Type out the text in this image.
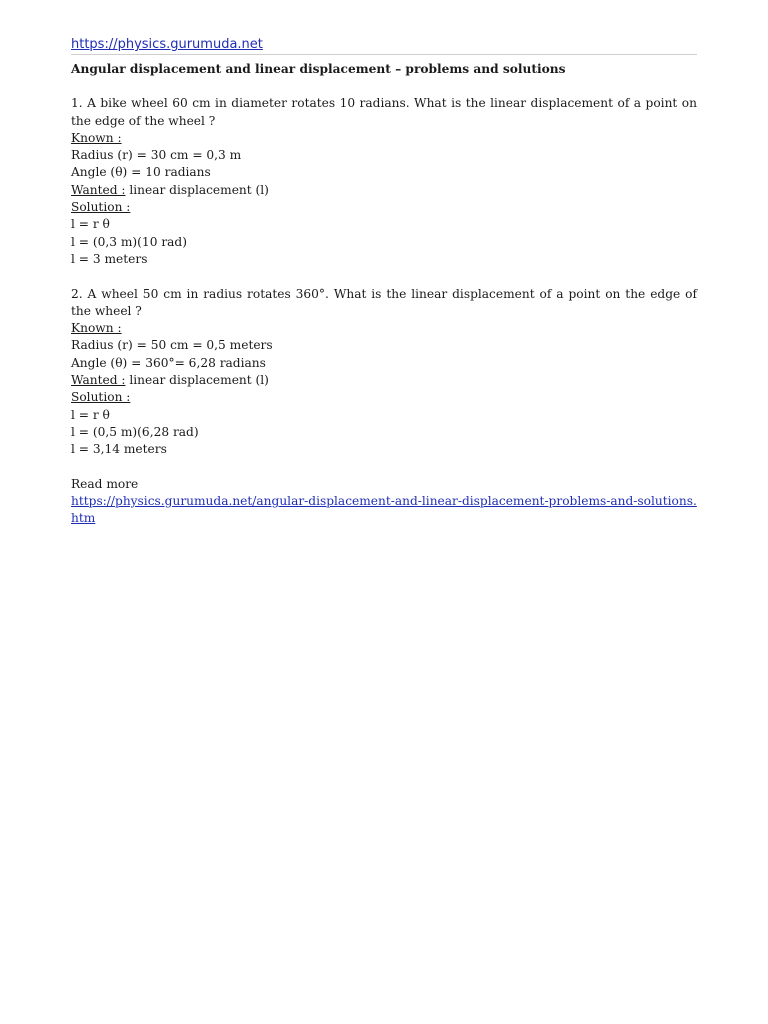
https://physics.gurumuda.net
Angular displacement and linear displacement – problems and solutions
1. A bike wheel 60 cm in diameter rotates 10 radians. What is the linear displacement of a point on the edge of the wheel ?
Known :
Radius (r) = 30 cm = 0,3 m
Angle (θ) = 10 radians
Wanted : linear displacement (l)
Solution :
l = r θ
l = (0,3 m)(10 rad)
l = 3 meters
2. A wheel 50 cm in radius rotates 360°. What is the linear displacement of a point on the edge of the wheel ?
Known :
Radius (r) = 50 cm = 0,5 meters
Angle (θ) = 360°= 6,28 radians
Wanted : linear displacement (l)
Solution :
l = r θ
l = (0,5 m)(6,28 rad)
l = 3,14 meters
Read more
https://physics.gurumuda.net/angular-displacement-and-linear-displacement-problems-and-solutions.htm
